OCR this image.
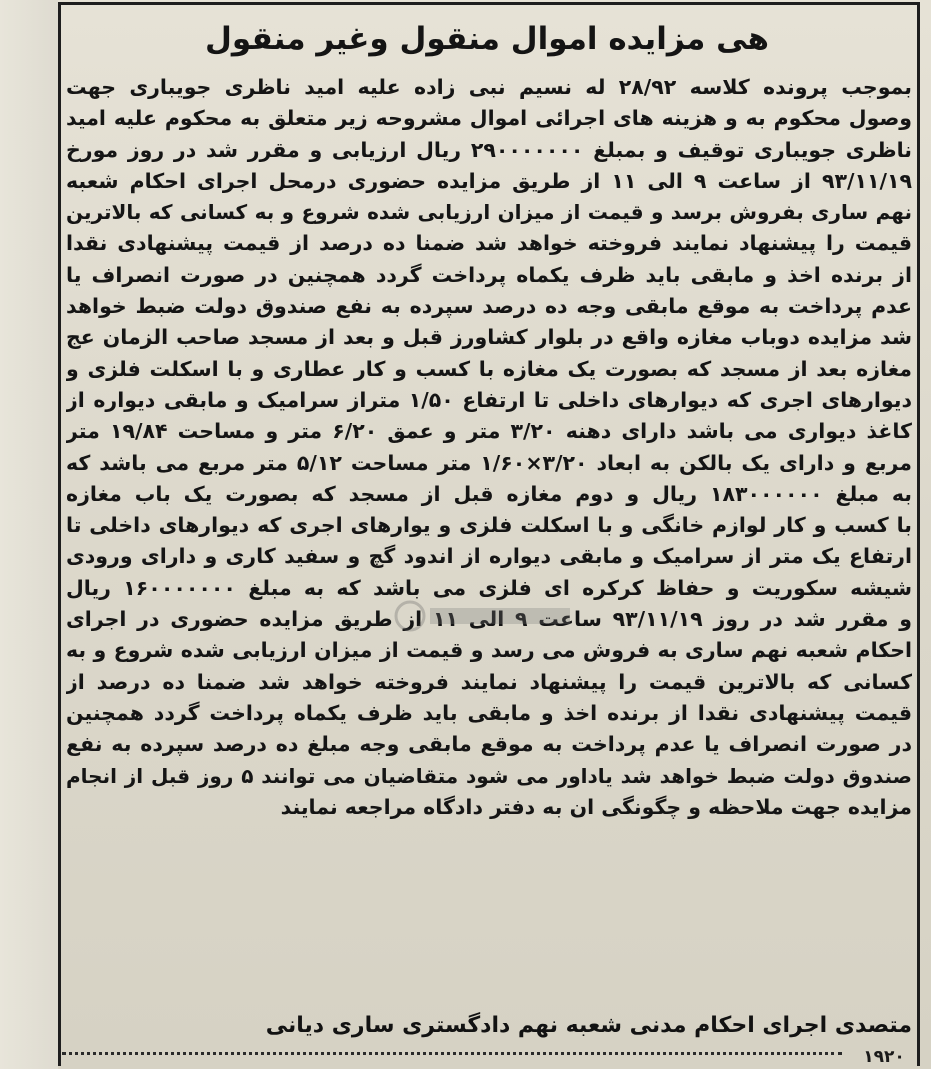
هی مزایده اموال منقول وغیر منقول
بموجب پرونده کلاسه ۲۸/۹۲ له نسیم نبی زاده علیه امید ناظری جویباری جهت
وصول محکوم به و هزینه های اجرائی اموال مشروحه زیر متعلق به محکوم علیه امید
ناظری جویباری توقیف و بمبلغ ۲۹۰۰۰۰۰۰۰ ریال ارزیابی و مقرر شد در روز مورخ
۹۳/۱۱/۱۹ از ساعت ۹ الی ۱۱ از طریق مزایده حضوری درمحل اجرای احکام شعبه
نهم ساری بفروش برسد و قیمت از میزان ارزیابی شده شروع و به کسانی که بالاترین
قیمت را پیشنهاد نمایند فروخته خواهد شد ضمنا ده درصد از قیمت پیشنهادی نقدا
از برنده اخذ و مابقی باید ظرف یکماه پرداخت گردد همچنین در صورت انصراف یا
عدم پرداخت به موقع مابقی وجه ده درصد سپرده به نفع صندوق دولت ضبط خواهد
شد مزایده دوباب مغازه واقع در بلوار کشاورز قبل و بعد از مسجد صاحب الزمان عج
مغازه بعد از مسجد که بصورت یک مغازه با کسب و کار عطاری و با اسکلت فلزی و
دیوارهای اجری که دیوارهای داخلی تا ارتفاع ۱/۵۰ متراز سرامیک و مابقی دیواره از
کاغذ دیواری می باشد دارای دهنه ۳/۲۰ متر و عمق ۶/۲۰ متر و مساحت ۱۹/۸۴ متر
مربع و دارای یک بالکن به ابعاد ۳/۲۰×۱/۶۰ متر مساحت ۵/۱۲ متر مربع می باشد که
به مبلغ ۱۸۳۰۰۰۰۰۰ ریال و دوم مغازه قبل از مسجد که بصورت یک باب مغازه
با کسب و کار لوازم خانگی و با اسکلت فلزی و یوارهای اجری که دیوارهای داخلی تا
ارتفاع یک متر از سرامیک و مابقی دیواره از اندود گچ و سفید کاری و دارای ورودی
شیشه سکوریت و حفاظ کرکره ای فلزی می باشد که به مبلغ ۱۶۰۰۰۰۰۰۰ ریال
و مقرر شد در روز ۹۳/۱۱/۱۹ ساعت ۹ الی ۱۱ از طریق مزایده حضوری در اجرای
احکام شعبه نهم ساری به فروش می رسد و قیمت از میزان ارزیابی شده شروع و به
کسانی که بالاترین قیمت را پیشنهاد نمایند فروخته خواهد شد ضمنا ده درصد از
قیمت پیشنهادی نقدا از برنده اخذ و مابقی باید ظرف یکماه پرداخت گردد همچنین
در صورت انصراف یا عدم پرداخت به موقع مابقی وجه مبلغ ده درصد سپرده به نفع
صندوق دولت ضبط خواهد شد یاداور می شود متقاضیان می توانند ۵ روز قبل از انجام
مزایده جهت ملاحظه و چگونگی ان به دفتر دادگاه مراجعه نمایند
متصدی اجرای احکام مدنی شعبه نهم دادگستری ساری دیانی
۱۹۲۰
